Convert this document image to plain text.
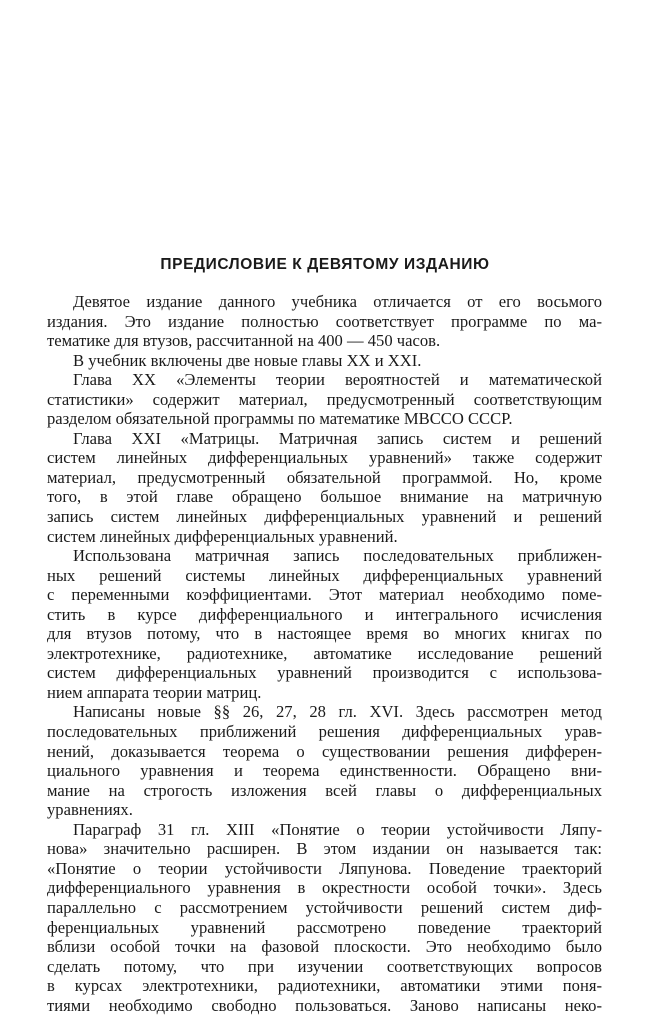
ПРЕДИСЛОВИЕ К ДЕВЯТОМУ ИЗДАНИЮ

Девятое издание данного учебника отличается от его восьмого

издания. Это издание полностью соответствует программе по ма-

тематике для втузов, рассчитанной на 400 — 450 часов.

В учебник включены две новые главы XX и XXI.

Глава XX «Элементы теории вероятностей и математической

статистики» содержит материал, предусмотренный соответствующим

разделом обязательной программы по математике МВССО СССР.

Глава XXI «Матрицы. Матричная запись систем и решений

систем линейных дифференциальных уравнений» также содержит

материал, предусмотренный обязательной программой. Но, кроме

того, в этой главе обращено большое внимание на матричную

запись систем линейных дифференциальных уравнений и решений

систем линейных дифференциальных уравнений.

Использована матричная запись последовательных приближен-

ных решений системы линейных дифференциальных уравнений

с переменными коэффициентами. Этот материал необходимо поме-

стить в курсе дифференциального и интегрального исчисления

для втузов потому, что в настоящее время во многих книгах по

электротехнике, радиотехнике, автоматике исследование решений

систем дифференциальных уравнений производится с использова-

нием аппарата теории матриц.

Написаны новые §§ 26, 27, 28 гл. XVI. Здесь рассмотрен метод

последовательных приближений решения дифференциальных урав-

нений, доказывается теорема о существовании решения дифферен-

циального уравнения и теорема единственности. Обращено вни-

мание на строгость изложения всей главы о дифференциальных

уравнениях.

Параграф 31 гл. XIII «Понятие о теории устойчивости Ляпу-

нова» значительно расширен. В этом издании он называется так:

«Понятие о теории устойчивости Ляпунова. Поведение траекторий

дифференциального уравнения в окрестности особой точки». Здесь

параллельно с рассмотрением устойчивости решений систем диф-

ференциальных уравнений рассмотрено поведение траекторий

вблизи особой точки на фазовой плоскости. Это необходимо было

сделать потому, что при изучении соответствующих вопросов

в курсах электротехники, радиотехники, автоматики этими поня-

тиями необходимо свободно пользоваться. Заново написаны неко-
